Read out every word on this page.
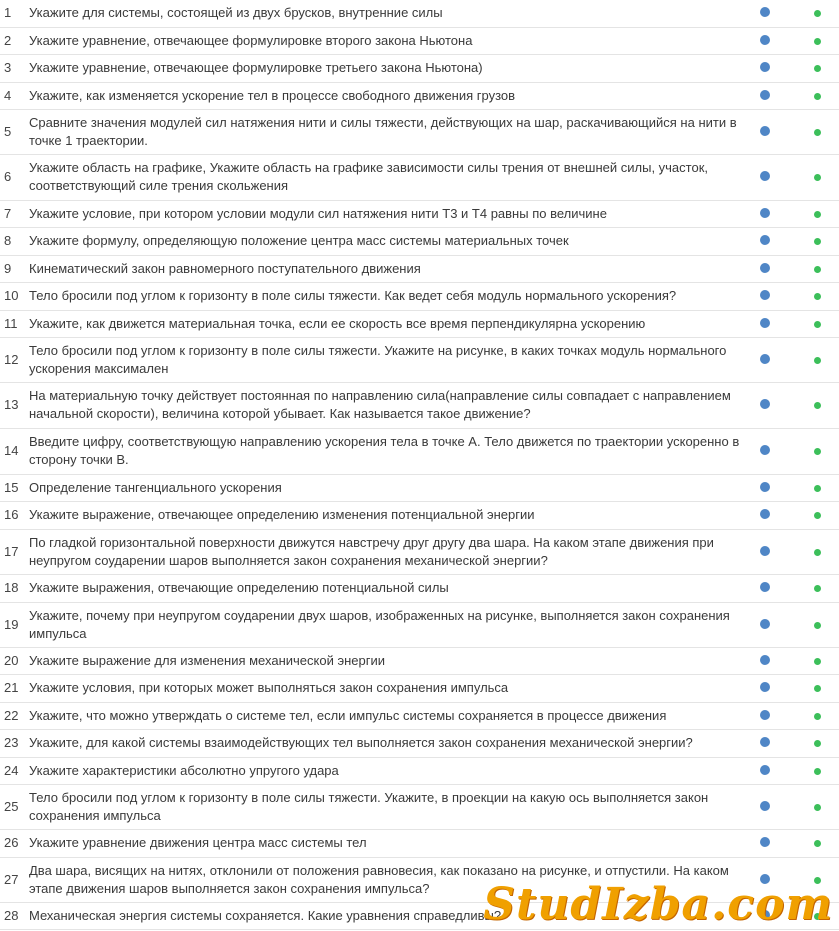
1	Укажите для системы, состоящей из двух брусков, внутренние силы		
2	Укажите уравнение, отвечающее формулировке второго закона Ньютона		
3	Укажите уравнение, отвечающее формулировке третьего закона Ньютона)		
4	Укажите, как изменяется ускорение тел в процессе свободного движения грузов		
5	Сравните значения модулей сил натяжения нити и силы тяжести, действующих на шар, раскачивающийся на нити в точке 1 траектории.		
6	Укажите область на графике, Укажите область на графике зависимости силы трения от внешней силы, участок, соответствующий силе трения скольжения		
7	Укажите условие, при котором условии модули сил натяжения нити Т3 и Т4 равны по величине		
8	Укажите формулу, определяющую положение центра масс системы материальных точек		
9	Кинематический закон равномерного поступательного движения		
10	Тело бросили под углом к горизонту в поле силы тяжести. Как ведет себя модуль нормального ускорения?		
11	Укажите, как движется материальная точка, если ее скорость все время перпендикулярна ускорению		
12	Тело бросили под углом к горизонту в поле силы тяжести. Укажите на рисунке, в каких точках модуль нормального ускорения максимален		
13	На материальную точку действует постоянная по направлению сила(направление силы совпадает с направлением начальной скорости), величина которой убывает. Как называется такое движение?		
14	Введите цифру, соответствующую направлению ускорения тела в точке А. Тело движется по траектории ускоренно в сторону точки В.		
15	Определение тангенциального ускорения		
16	Укажите выражение, отвечающее определению изменения потенциальной энергии		
17	По гладкой горизонтальной поверхности движутся навстречу друг другу два шара. На каком этапе движения при неупругом соударении шаров выполняется закон сохранения механической энергии?		
18	Укажите выражения, отвечающие определению потенциальной силы		
19	Укажите, почему при неупругом соударении двух шаров, изображенных на рисунке, выполняется закон сохранения импульса		
20	Укажите выражение для изменения механической энергии		
21	Укажите условия, при которых может выполняться закон сохранения импульса		
22	Укажите, что можно утверждать о системе тел, если импульс системы сохраняется в процессе движения		
23	Укажите, для какой системы взаимодействующих тел выполняется закон сохранения механической энергии?		
24	Укажите характеристики абсолютно упругого удара		
25	Тело бросили под углом к горизонту в поле силы тяжести. Укажите, в проекции на какую ось выполняется закон сохранения импульса		
26	Укажите уравнение движения центра масс системы тел		
27	Два шара, висящих на нитях, отклонили от положения равновесия, как показано на рисунке, и отпустили. На каком этапе движения шаров выполняется закон сохранения импульса?		
28	Механическая энергия системы сохраняется. Какие уравнения справедливы?		
StudIzba.com
